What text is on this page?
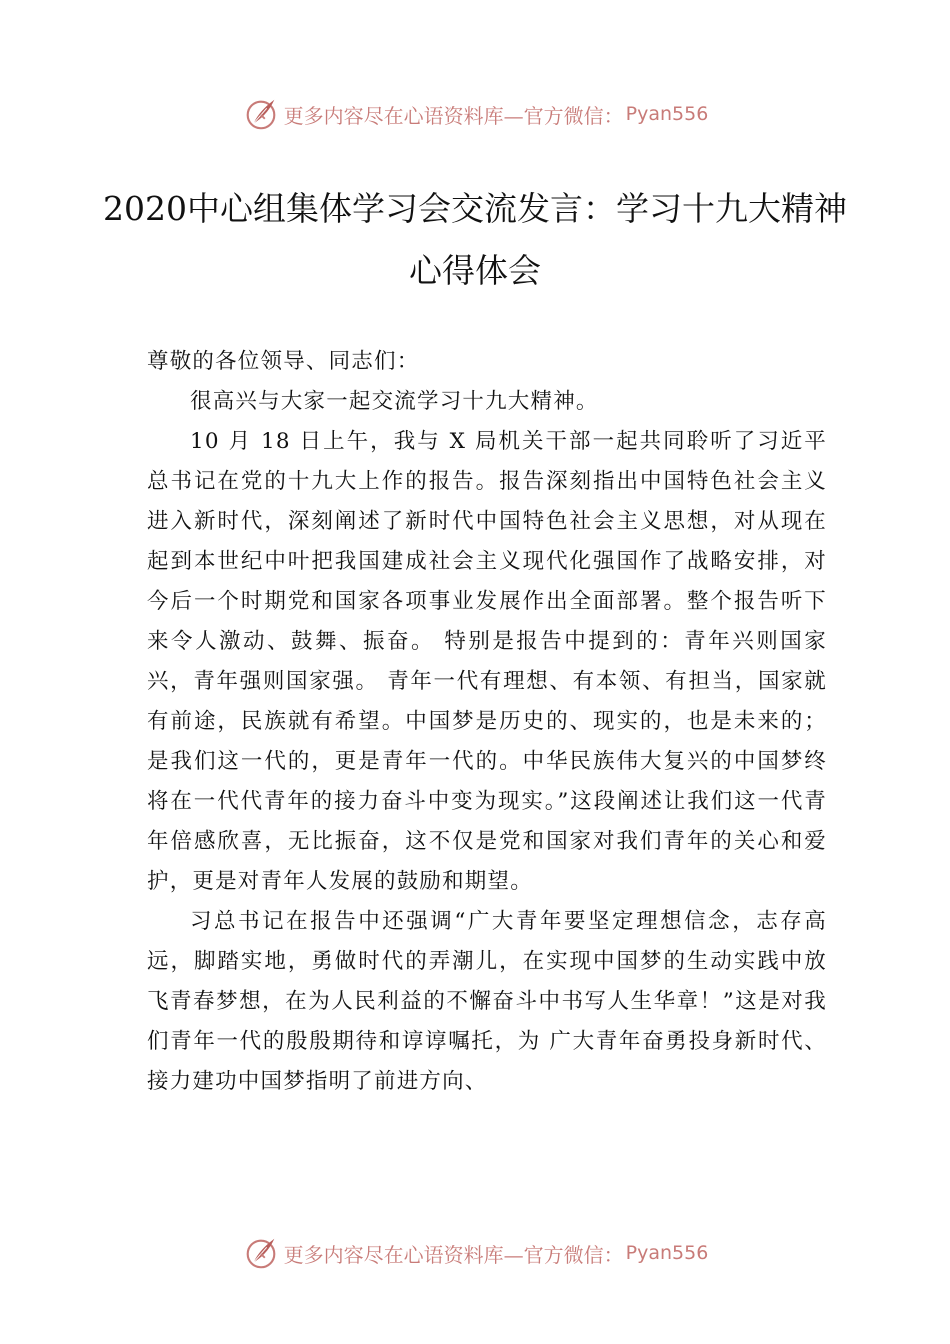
更多内容尽在心语资料库—官方微信： Pyan556
2020中心组集体学习会交流发言：学习十九大精神心得体会

尊敬的各位领导、同志们：

很高兴与大家一起交流学习十九大精神。

10 月 18 日上午，我与 X 局机关干部一起共同聆听了习近平总书记在党的十九大上作的报告。报告深刻指出中国特色社会主义进入新时代，深刻阐述了新时代中国特色社会主义思想，对从现在起到本世纪中叶把我国建成社会主义现代化强国作了战略安排，对今后一个时期党和国家各项事业发展作出全面部署。整个报告听下来令人激动、鼓舞、振奋。 特别是报告中提到的：青年兴则国家兴，青年强则国家强。 青年一代有理想、有本领、有担当，国家就有前途，民族就有希望。中国梦是历史的、现实的，也是未来的；是我们这一代的，更是青年一代的。中华民族伟大复兴的中国梦终将在一代代青年的接力奋斗中变为现实。”这段阐述让我们这一代青年倍感欣喜，无比振奋，这不仅是党和国家对我们青年的关心和爱护，更是对青年人发展的鼓励和期望。

习总书记在报告中还强调“广大青年要坚定理想信念，志存高远，脚踏实地，勇做时代的弄潮儿，在实现中国梦的生动实践中放飞青春梦想，在为人民利益的不懈奋斗中书写人生华章！”这是对我们青年一代的殷殷期待和谆谆嘱托，为 广大青年奋勇投身新时代、接力建功中国梦指明了前进方向、

更多内容尽在心语资料库—官方微信： Pyan556
